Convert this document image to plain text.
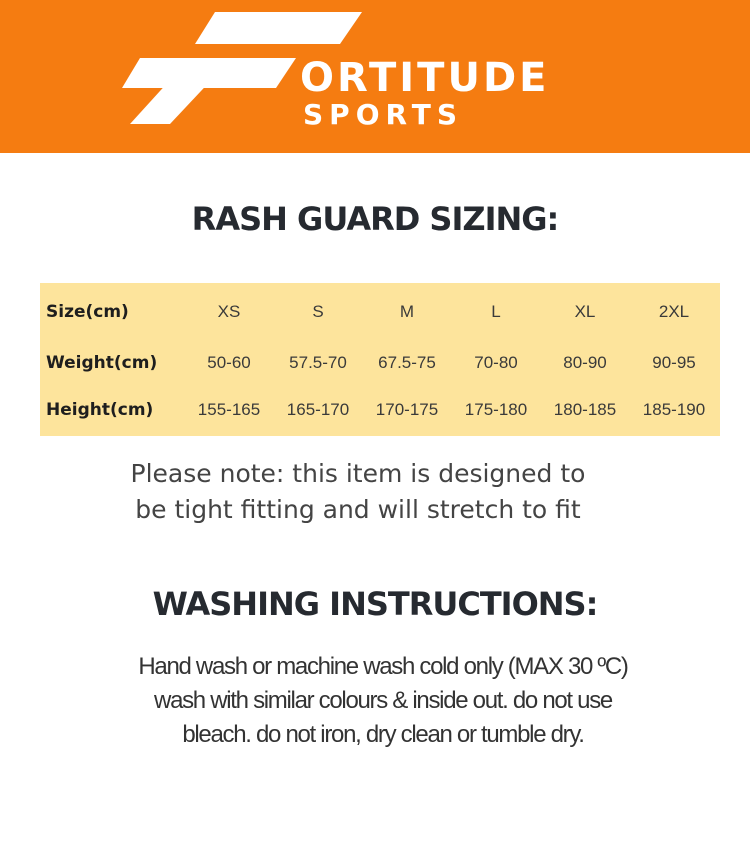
ORTITUDE
SPORTS
RASH GUARD SIZING:
Size(cm)	XS	S	M	L	XL	2XL
Weight(cm)	50-60	57.5-70	67.5-75	70-80	80-90	90-95
Height(cm)	155-165	165-170	170-175	175-180	180-185	185-190
Please note: this item is designed to
be tight fitting and will stretch to fit
WASHING INSTRUCTIONS:
Hand wash or machine wash cold only (MAX 30 ºC)
wash with similar colours & inside out. do not use
bleach. do not iron, dry clean or tumble dry.
